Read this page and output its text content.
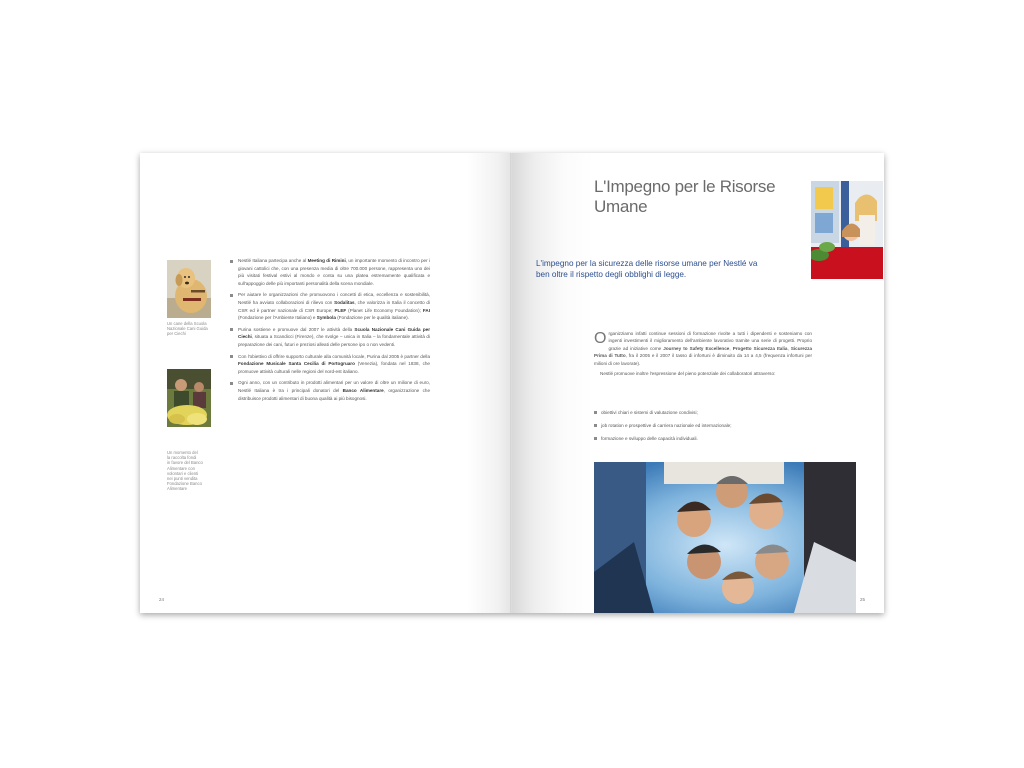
Un cane della Scuola
Nazionale Cani Guida
per Ciechi
Un momento del
la raccolta fondi
in favore del Banco
Alimentare con
volontari e clienti
nei punti vendita
Fondazione Banco
Alimentare
Nestlé Italiana partecipa anche al Meeting di Rimini, un importante momento di incontro per i giovani cattolici che, con una presenza media di oltre 700.000 persone, rappresenta uno dei più visitati festival estivi al mondo e conta su una platea estremamente qualificata e sull'appoggio delle più importanti personalità della scena mondiale.
Per aiutare le organizzazioni che promuovono i concetti di etica, eccellenza e sostenibilità, Nestlé ha avviato collaborazioni di rilievo con Sodalitas, che valorizza in Italia il concetto di CSR ed è partner nazionale di CSR Europe; PLEF (Planet Life Economy Foundation); FAI (Fondazione per l'Ambiente Italiano) e Symbola (Fondazione per le qualità italiane).
Purina sostiene e promuove dal 2007 le attività della Scuola Nazionale Cani Guida per Ciechi, situata a Scandicci (Firenze), che svolge – unica in Italia – la fondamentale attività di preparazione dei cani, futuri e preziosi alleati delle persone ipo o non vedenti.
Con l'obiettivo di offrire supporto culturale alla comunità locale, Purina dal 2005 è partner della Fondazione Musicale Santa Cecilia di Portogruaro (Venezia), fondata nel 1838, che promuove attività culturali nelle regioni del nord-est italiano.
Ogni anno, con un contributo in prodotti alimentari per un valore di oltre un milione di euro, Nestlé Italiana è tra i principali donatori del Banco Alimentare, organizzazione che distribuisce prodotti alimentari di buona qualità ai più bisognosi.
24
L'Impegno per le Risorse Umane
L'impegno per la sicurezza delle risorse umane per Nestlé va ben oltre il rispetto degli obblighi di legge.

Organizziamo infatti continue sessioni di formazione rivolte a tutti i dipendenti e sosteniamo con ingenti investimenti il miglioramento dell'ambiente lavorativo tramite una serie di progetti. Proprio grazie ad iniziative come Journey to Safety Excellence, Progetto Sicurezza Italia, Sicurezza Prima di Tutto, fra il 2005 e il 2007 il tasso di infortuni è diminuito da 14 a 4,5 (frequenza infortuni per milioni di ore lavorate).

Nestlé promuove inoltre l'espressione del pieno potenziale dei collaboratori attraverso:

obiettivi chiari e sistemi di valutazione condivisi;
job rotation e prospettive di carriera nazionale ed internazionale;
formazione e sviluppo delle capacità individuali.
25
